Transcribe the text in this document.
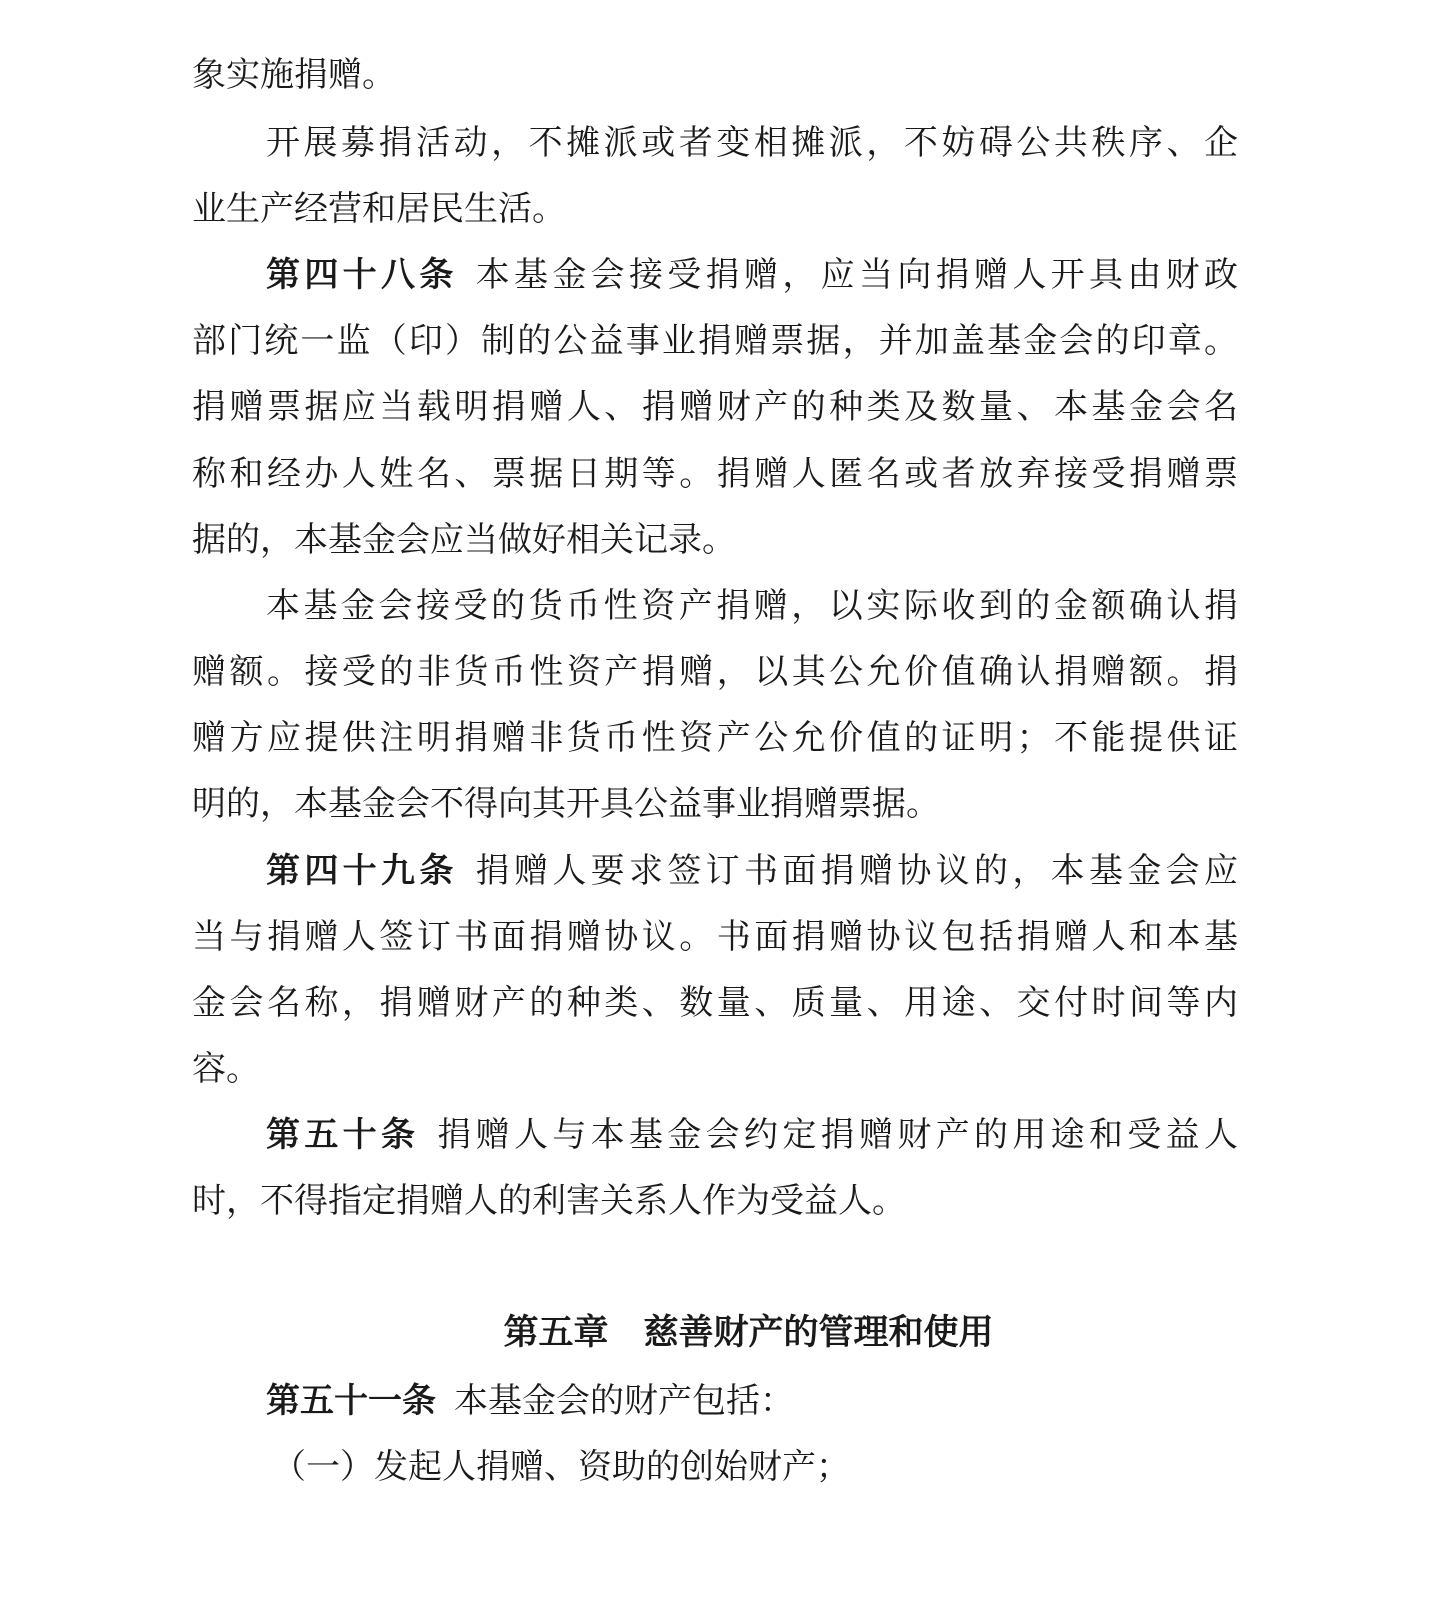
象实施捐赠。
开展募捐活动，不摊派或者变相摊派，不妨碍公共秩序、企
业生产经营和居民生活。
第四十八条 本基金会接受捐赠，应当向捐赠人开具由财政
部门统一监（印）制的公益事业捐赠票据，并加盖基金会的印章。
捐赠票据应当载明捐赠人、捐赠财产的种类及数量、本基金会名
称和经办人姓名、票据日期等。捐赠人匿名或者放弃接受捐赠票
据的，本基金会应当做好相关记录。
本基金会接受的货币性资产捐赠，以实际收到的金额确认捐
赠额。接受的非货币性资产捐赠，以其公允价值确认捐赠额。捐
赠方应提供注明捐赠非货币性资产公允价值的证明；不能提供证
明的，本基金会不得向其开具公益事业捐赠票据。
第四十九条 捐赠人要求签订书面捐赠协议的，本基金会应
当与捐赠人签订书面捐赠协议。书面捐赠协议包括捐赠人和本基
金会名称，捐赠财产的种类、数量、质量、用途、交付时间等内
容。
第五十条 捐赠人与本基金会约定捐赠财产的用途和受益人
时，不得指定捐赠人的利害关系人作为受益人。
第五章　慈善财产的管理和使用
第五十一条 本基金会的财产包括：
（一）发起人捐赠、资助的创始财产；
